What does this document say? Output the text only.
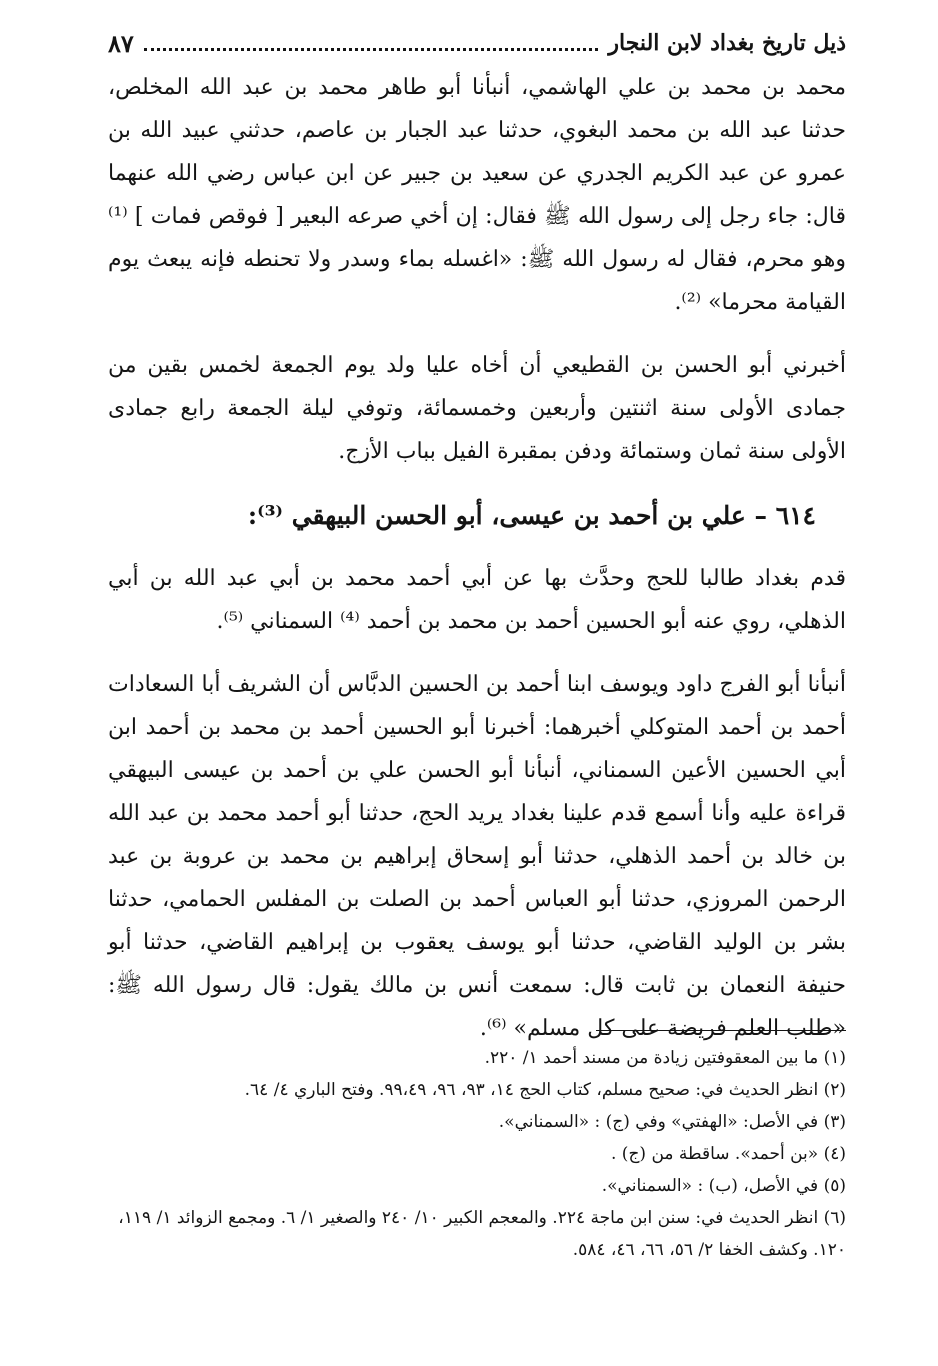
ذيل تاريخ بغداد لابن النجار
٨٧

محمد بن محمد بن علي الهاشمي، أنبأنا أبو طاهر محمد بن عبد الله المخلص، حدثنا عبد الله بن محمد البغوي، حدثنا عبد الجبار بن عاصم، حدثني عبيد الله بن عمرو عن عبد الكريم الجدري عن سعيد بن جبير عن ابن عباس رضي الله عنهما قال: جاء رجل إلى رسول الله ﷺ فقال: إن أخي صرعه البعير [ فوقص فمات ] ⁽¹⁾ وهو محرم، فقال له رسول الله ﷺ: «اغسله بماء وسدر ولا تحنطه فإنه يبعث يوم القيامة محرما» ⁽²⁾.

أخبرني أبو الحسن بن القطيعي أن أخاه عليا ولد يوم الجمعة لخمس بقين من جمادى الأولى سنة اثنتين وأربعين وخمسمائة، وتوفي ليلة الجمعة رابع جمادى الأولى سنة ثمان وستمائة ودفن بمقبرة الفيل بباب الأزج.

٦١٤ – علي بن أحمد بن عيسى، أبو الحسن البيهقي ⁽³⁾:

قدم بغداد طالبا للحج وحدَّث بها عن أبي أحمد محمد بن أبي عبد الله بن أبي الذهلي، روي عنه أبو الحسين أحمد بن محمد بن أحمد ⁽⁴⁾ السمناني ⁽⁵⁾.

أنبأنا أبو الفرج داود ويوسف ابنا أحمد بن الحسين الدبَّاس أن الشريف أبا السعادات أحمد بن أحمد المتوكلي أخبرهما: أخبرنا أبو الحسين أحمد بن محمد بن أحمد ابن أبي الحسين الأعين السمناني، أنبأنا أبو الحسن علي بن أحمد بن عيسى البيهقي قراءة عليه وأنا أسمع قدم علينا بغداد يريد الحج، حدثنا أبو أحمد محمد بن عبد الله بن خالد بن أحمد الذهلي، حدثنا أبو إسحاق إبراهيم بن محمد بن عروبة بن عبد الرحمن المروزي، حدثنا أبو العباس أحمد بن الصلت بن المفلس الحمامي، حدثنا بشر بن الوليد القاضي، حدثنا أبو يوسف يعقوب بن إبراهيم القاضي، حدثنا أبو حنيفة النعمان بن ثابت قال: سمعت أنس بن مالك يقول: قال رسول الله ﷺ: «طلب العلم فريضة على كل مسلم» ⁽⁶⁾.

(١) ما بين المعقوفتين زيادة من مسند أحمد ١/ ٢٢٠.

(٢) انظر الحديث في: صحيح مسلم، كتاب الحج ١٤، ٩٣، ٩٦، ٩٩،٤٩. وفتح الباري ٤/ ٦٤.

(٣) في الأصل: «الهفتي» وفي (ج) : «السمناني».

(٤) «بن أحمد». ساقطة من (ج) .

(٥) في الأصل، (ب) : «السمناني».

(٦) انظر الحديث في: سنن ابن ماجة ٢٢٤. والمعجم الكبير ١٠/ ٢٤٠ والصغير ١/ ٦. ومجمع الزوائد ١/ ١١٩، ١٢٠. وكشف الخفا ٢/ ٥٦، ٦٦، ٤٦، ٥٨٤.
